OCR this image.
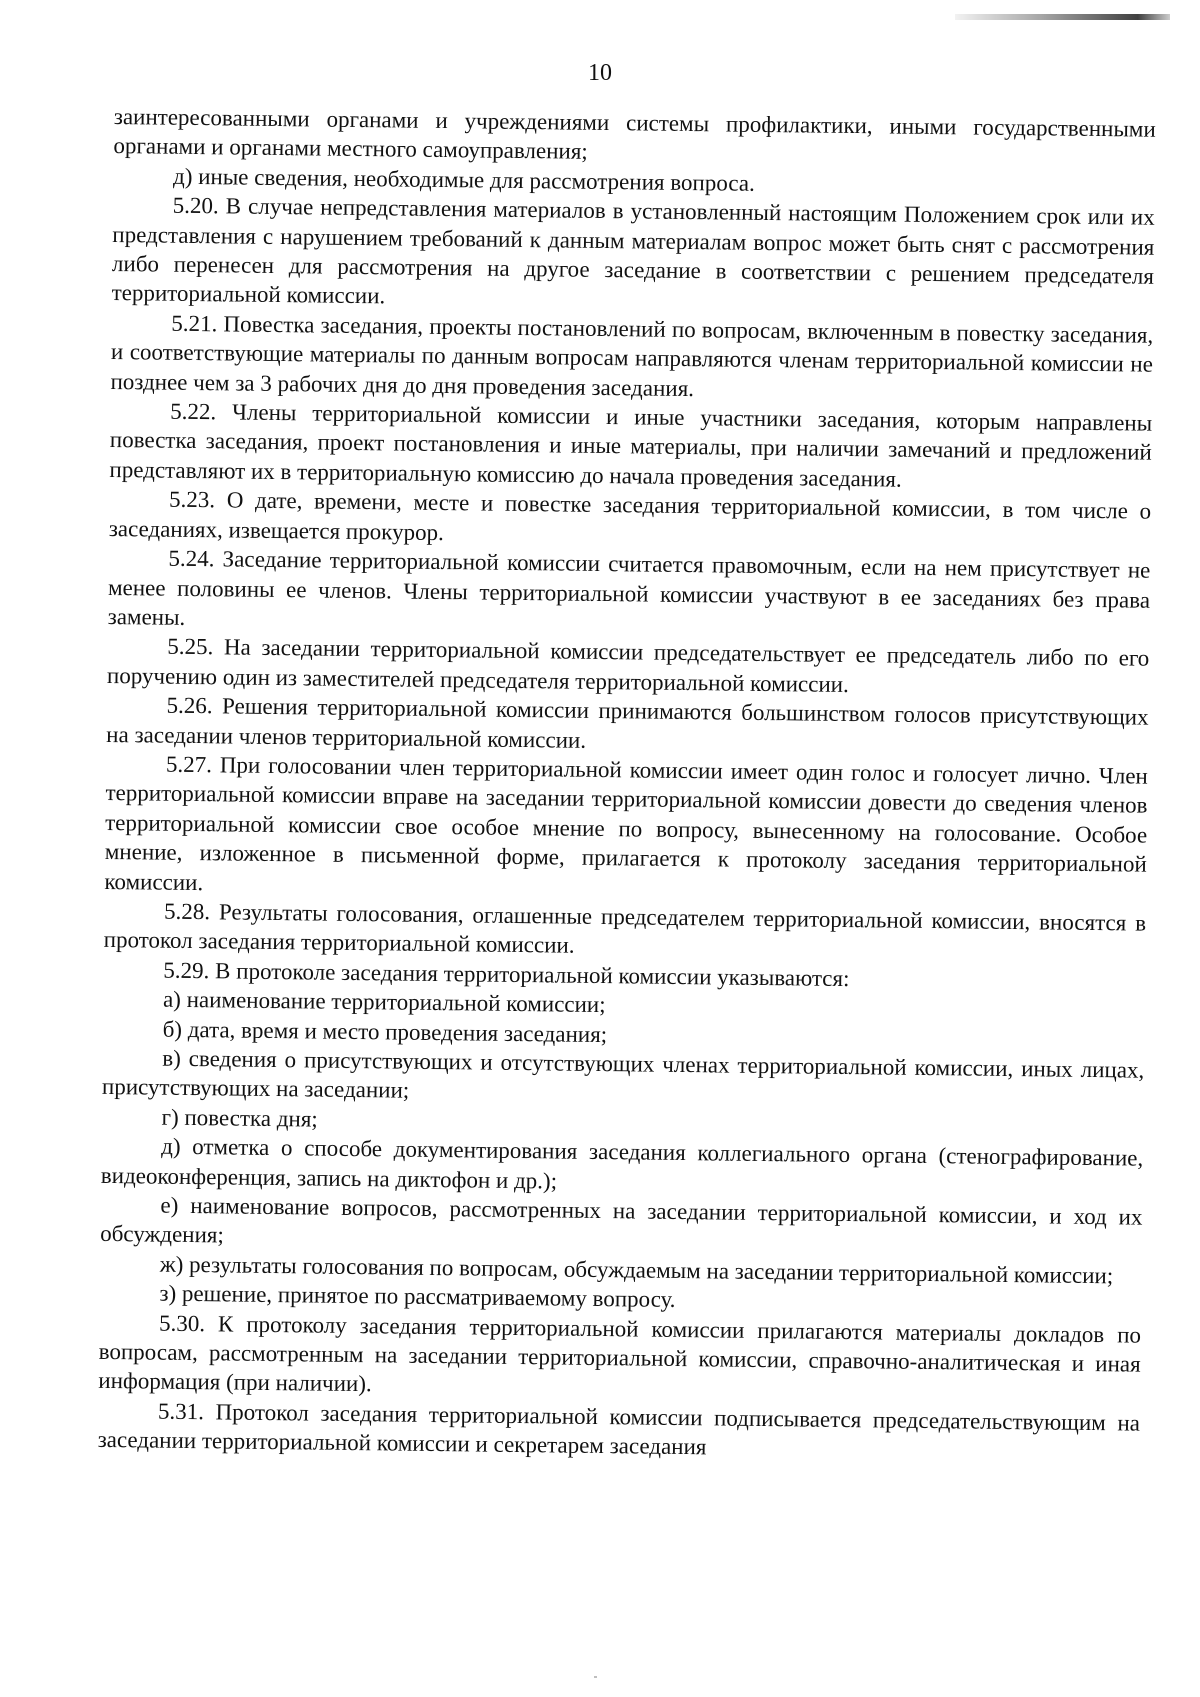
10

заинтересованными органами и учреждениями системы профилактики, иными государственными органами и органами местного самоуправления;

д) иные сведения, необходимые для рассмотрения вопроса.

5.20. В случае непредставления материалов в установленный настоящим Положением срок или их представления с нарушением требований к данным материалам вопрос может быть снят с рассмотрения либо перенесен для рассмотрения на другое заседание в соответствии с решением председателя территориальной комиссии.

5.21. Повестка заседания, проекты постановлений по вопросам, включенным в повестку заседания, и соответствующие материалы по данным вопросам направляются членам территориальной комиссии не позднее чем за 3 рабочих дня до дня проведения заседания.

5.22. Члены территориальной комиссии и иные участники заседания, которым направлены повестка заседания, проект постановления и иные материалы, при наличии замечаний и предложений представляют их в территориальную комиссию до начала проведения заседания.

5.23. О дате, времени, месте и повестке заседания территориальной комиссии, в том числе о заседаниях, извещается прокурор.

5.24. Заседание территориальной комиссии считается правомочным, если на нем присутствует не менее половины ее членов. Члены территориальной комиссии участвуют в ее заседаниях без права замены.

5.25. На заседании территориальной комиссии председательствует ее председатель либо по его поручению один из заместителей председателя территориальной комиссии.

5.26. Решения территориальной комиссии принимаются большинством голосов присутствующих на заседании членов территориальной комиссии.

5.27. При голосовании член территориальной комиссии имеет один голос и голосует лично. Член территориальной комиссии вправе на заседании территориальной комиссии довести до сведения членов территориальной комиссии свое особое мнение по вопросу, вынесенному на голосование. Особое мнение, изложенное в письменной форме, прилагается к протоколу заседания территориальной комиссии.

5.28. Результаты голосования, оглашенные председателем территориальной комиссии, вносятся в протокол заседания территориальной комиссии.

5.29. В протоколе заседания территориальной комиссии указываются:

а) наименование территориальной комиссии;

б) дата, время и место проведения заседания;

в) сведения о присутствующих и отсутствующих членах территориальной комиссии, иных лицах, присутствующих на заседании;

г) повестка дня;

д) отметка о способе документирования заседания коллегиального органа (стенографирование, видеоконференция, запись на диктофон и др.);

е) наименование вопросов, рассмотренных на заседании территориальной комиссии, и ход их обсуждения;

ж) результаты голосования по вопросам, обсуждаемым на заседании территориальной комиссии;

з) решение, принятое по рассматриваемому вопросу.

5.30. К протоколу заседания территориальной комиссии прилагаются материалы докладов по вопросам, рассмотренным на заседании территориальной комиссии, справочно-аналитическая и иная информация (при наличии).

5.31. Протокол заседания территориальной комиссии подписывается председательствующим на заседании территориальной комиссии и секретарем заседания
